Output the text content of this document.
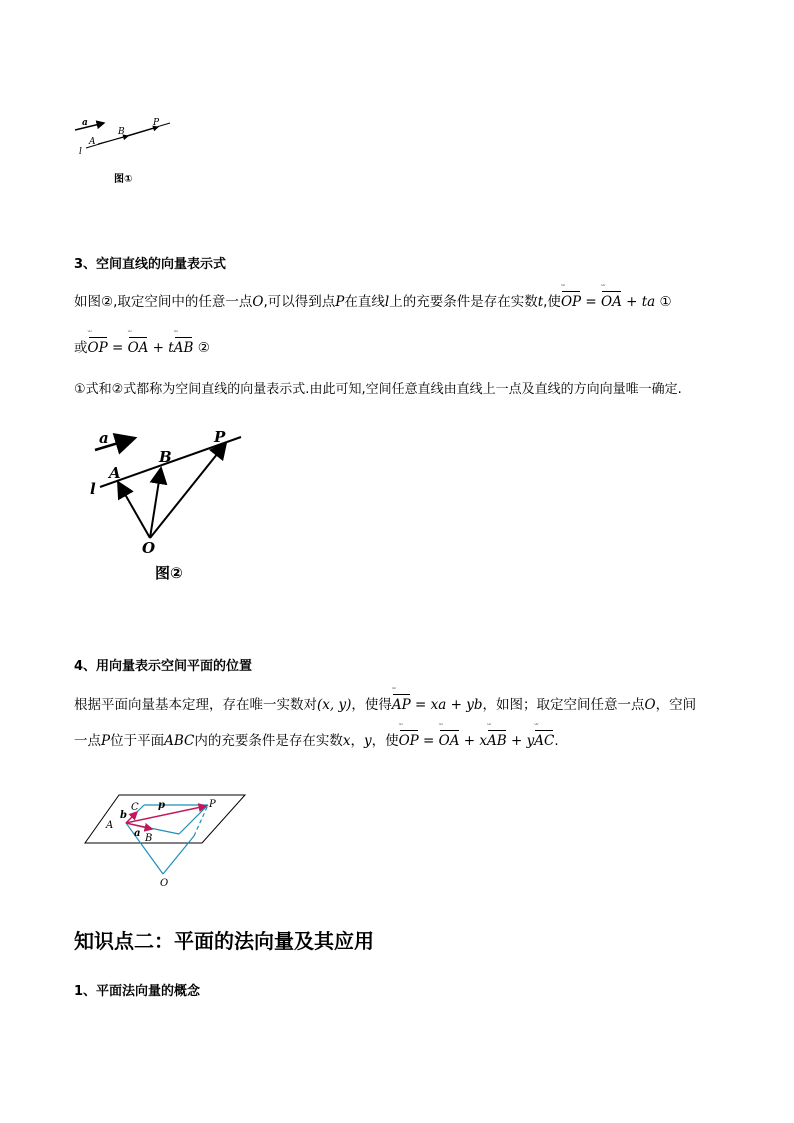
a
A
B
P
l
图①
3、空间直线的向量表示式
如图②,取定空间中的任意一点O,可以得到点P在直线l上的充要条件是存在实数t,使OP ᵕᵕ = OA ᵕᵕ + ta ①
或OP ᵕᵕ = OA ᵕᵕ + tAB ᵕᵕ ②
①式和②式都称为空间直线的向量表示式.由此可知,空间任意直线由直线上一点及直线的方向向量唯一确定.
a
A
B
P
l
O
图②
4、用向量表示空间平面的位置
根据平面向量基本定理，存在唯一实数对(x, y)，使得AP ᵕᵕ = xa + yb，如图；取定空间任意一点O，空间
一点P位于平面ABC内的充要条件是存在实数x，y，使OP ᵕᵕ = OA ᵕᵕ + xAB ᵕᵕ + yAC ᵕᵕ.
A
B
C	P
O
a
b
p
知识点二：平面的法向量及其应用
1、平面法向量的概念
